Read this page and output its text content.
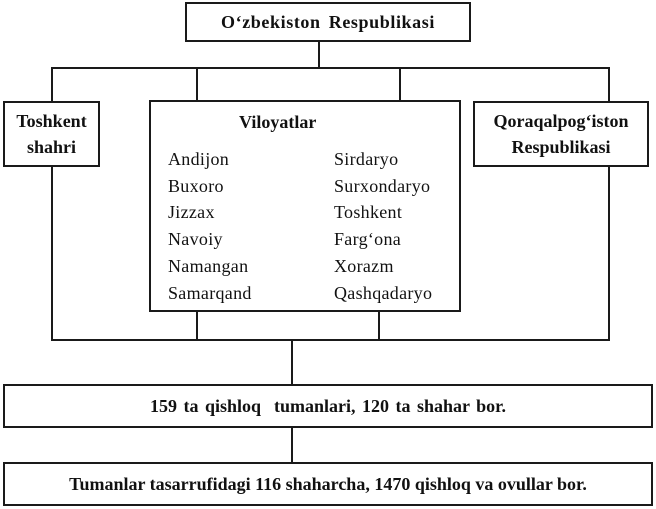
O‘zbekiston Respublikasi
Toshkent
shahri
Viloyatlar
Andijon
Buxoro
Jizzax
Navoiy
Namangan
Samarqand
Sirdaryo
Surxondaryo
Toshkent
Farg‘ona
Xorazm
Qashqadaryo
Qoraqalpog‘iston
Respublikasi
159 ta qishloq  tumanlari, 120 ta shahar bor.
Tumanlar tasarrufidagi 116 shaharcha, 1470 qishloq va ovullar bor.
